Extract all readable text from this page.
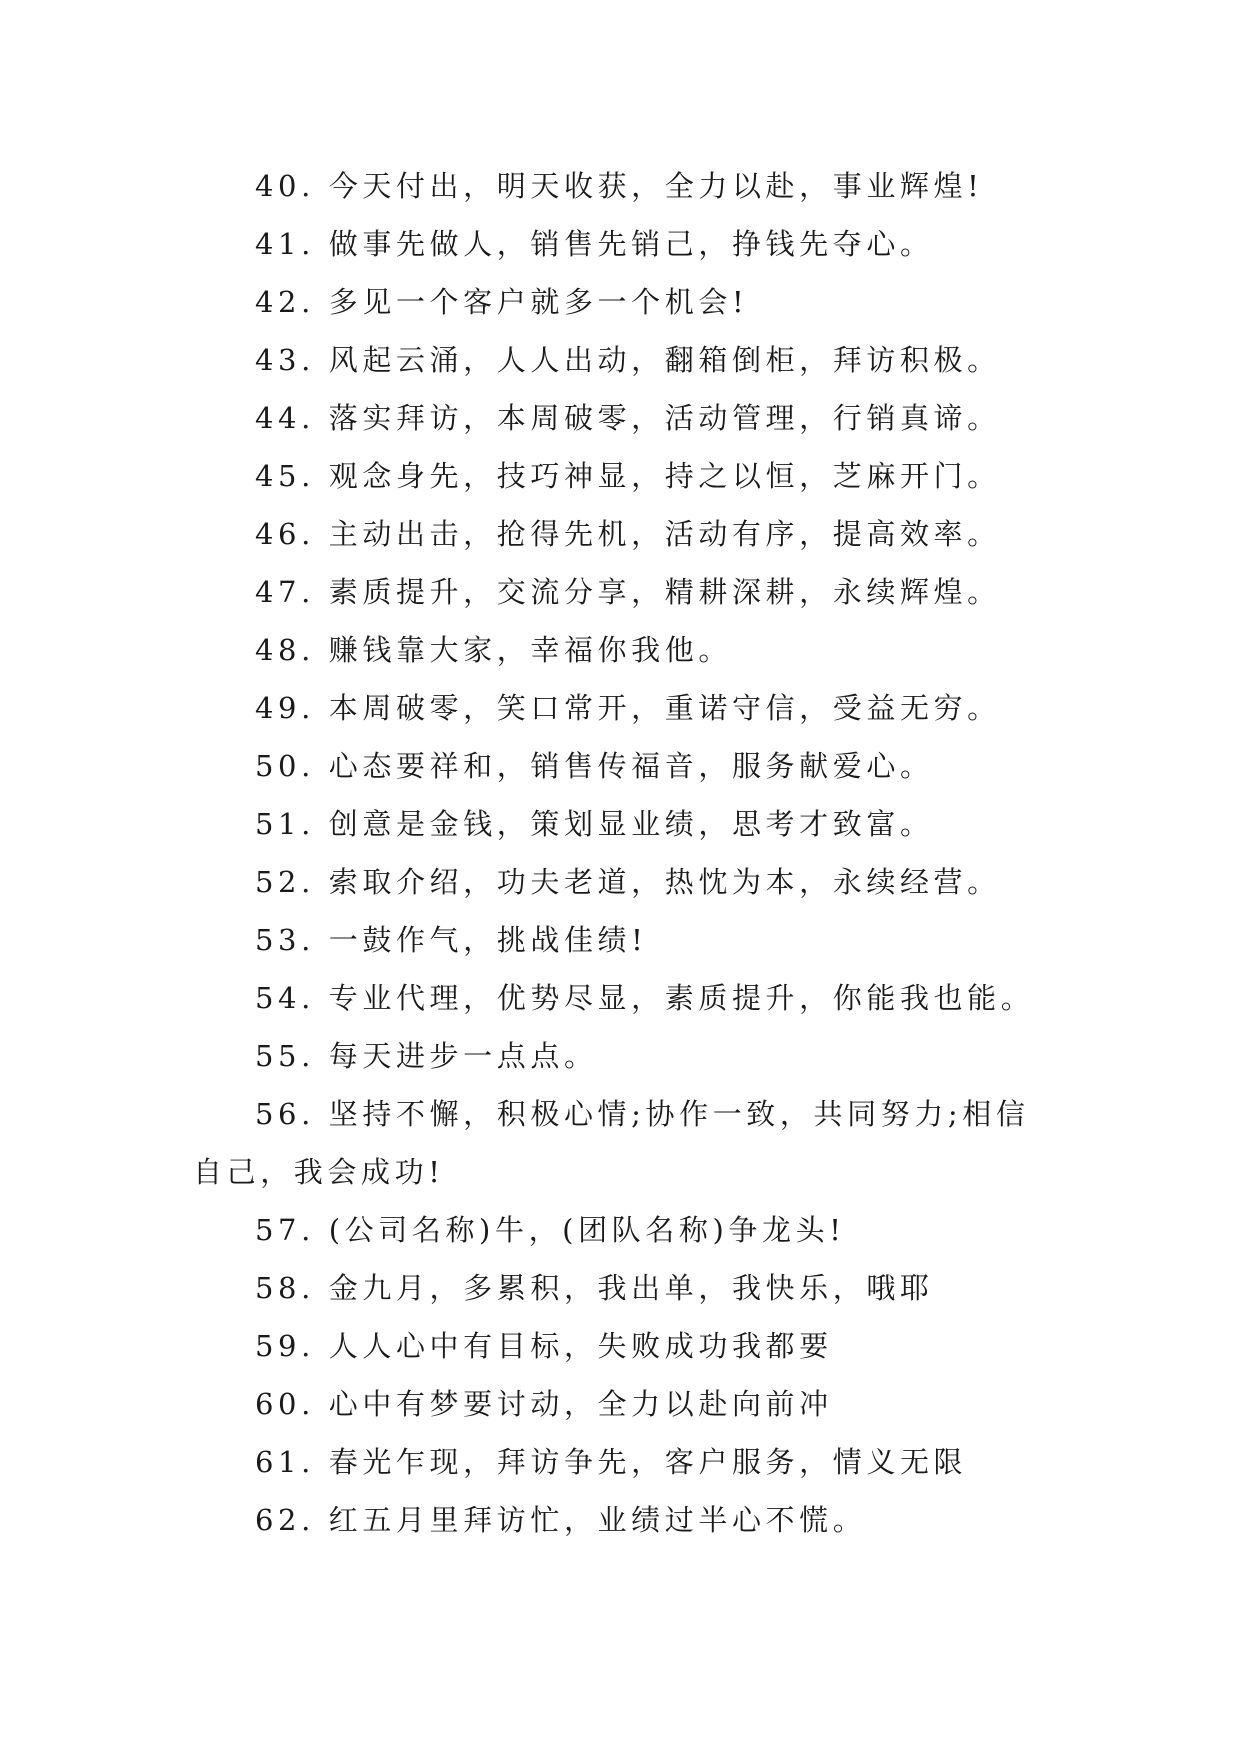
40. 今天付出，明天收获，全力以赴，事业辉煌!

41. 做事先做人，销售先销己，挣钱先夺心。

42. 多见一个客户就多一个机会!

43. 风起云涌，人人出动，翻箱倒柜，拜访积极。

44. 落实拜访，本周破零，活动管理，行销真谛。

45. 观念身先，技巧神显，持之以恒，芝麻开门。

46. 主动出击，抢得先机，活动有序，提高效率。

47. 素质提升，交流分享，精耕深耕，永续辉煌。

48. 赚钱靠大家，幸福你我他。

49. 本周破零，笑口常开，重诺守信，受益无穷。

50. 心态要祥和，销售传福音，服务献爱心。

51. 创意是金钱，策划显业绩，思考才致富。

52. 索取介绍，功夫老道，热忱为本，永续经营。

53. 一鼓作气，挑战佳绩!

54. 专业代理，优势尽显，素质提升，你能我也能。

55. 每天进步一点点。

56. 坚持不懈，积极心情;协作一致，共同努力;相信自己，我会成功!

57. (公司名称)牛，(团队名称)争龙头!

58. 金九月，多累积，我出单，我快乐，哦耶

59. 人人心中有目标，失败成功我都要

60. 心中有梦要讨动，全力以赴向前冲

61. 春光乍现，拜访争先，客户服务，情义无限

62. 红五月里拜访忙，业绩过半心不慌。
